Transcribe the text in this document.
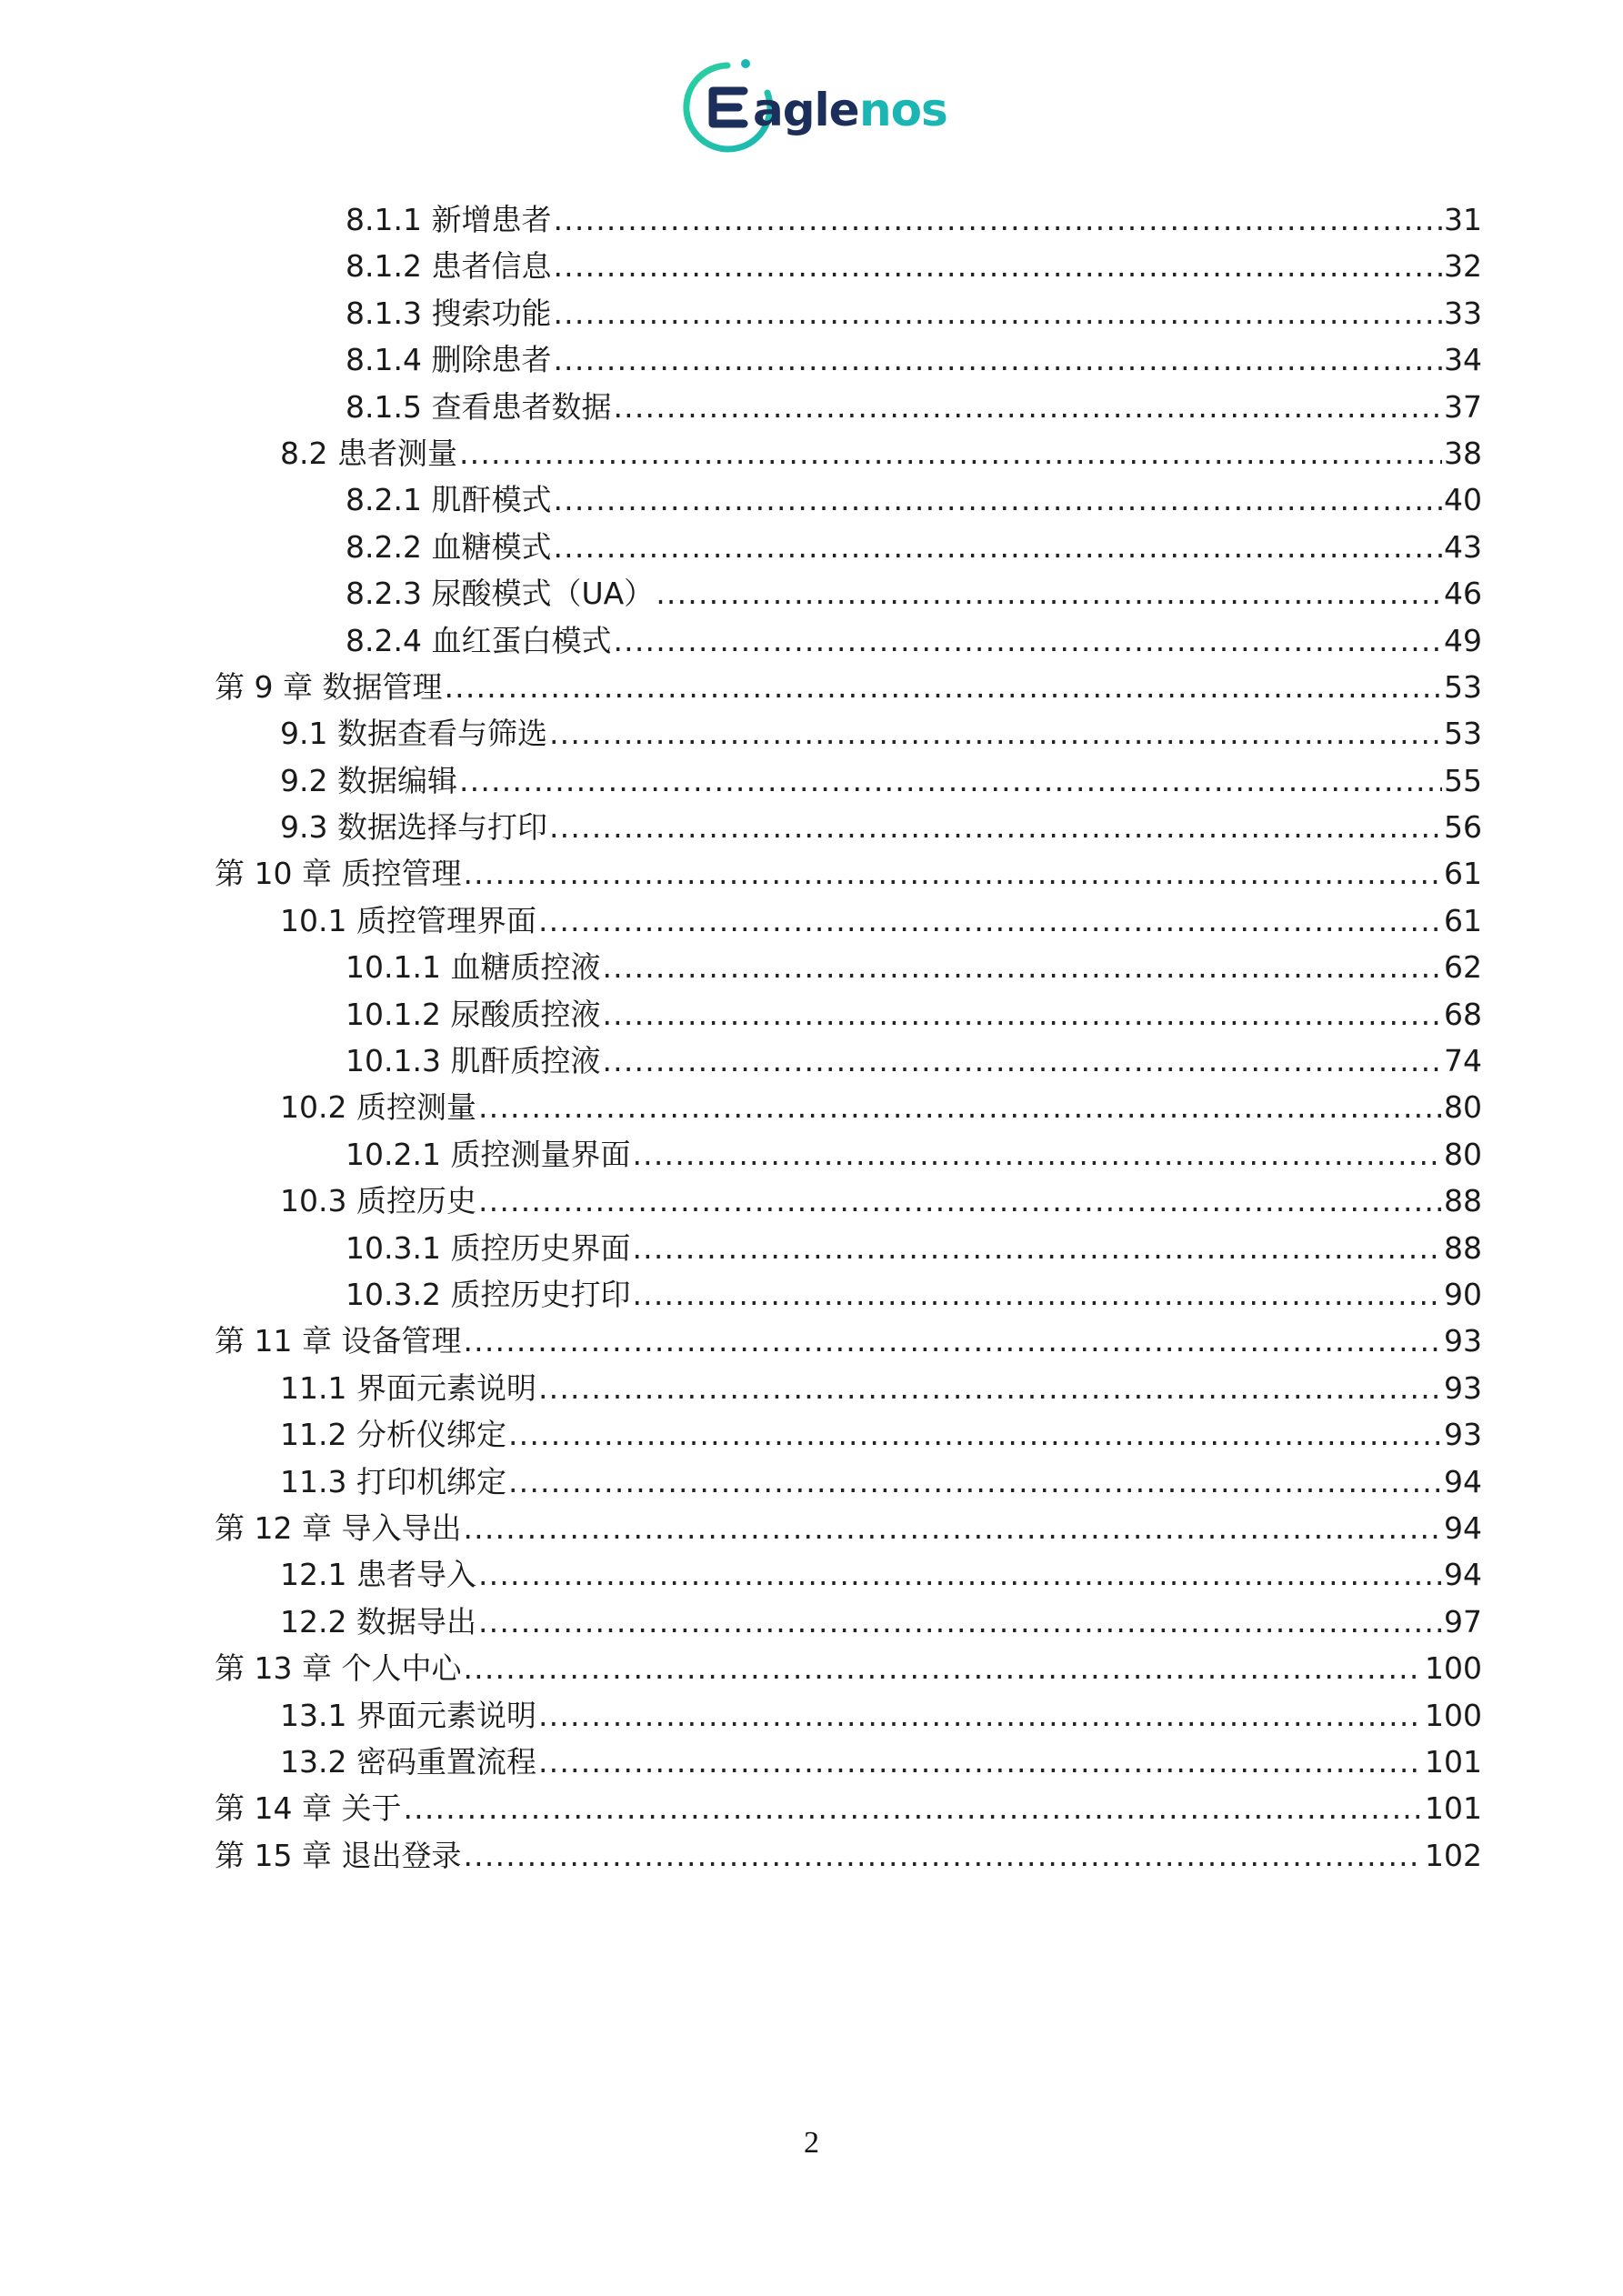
agle nos
8.1.1 新增患者 .....	31
8.1.2 患者信息 .....	32
8.1.3 搜索功能 .....	33
8.1.4 删除患者 .....	34
8.1.5 查看患者数据 .....	37
8.2 患者测量 .....	38
8.2.1 肌酐模式 .....	40
8.2.2 血糖模式 .....	43
8.2.3 尿酸模式（UA） .....	46
8.2.4 血红蛋白模式 .....	49
第 9 章 数据管理 .....	53
9.1 数据查看与筛选 .....	53
9.2 数据编辑 .....	55
9.3 数据选择与打印 .....	56
第 10 章 质控管理 .....	61
10.1 质控管理界面 .....	61
10.1.1 血糖质控液 .....	62
10.1.2 尿酸质控液 .....	68
10.1.3 肌酐质控液 .....	74
10.2 质控测量 .....	80
10.2.1 质控测量界面 .....	80
10.3 质控历史 .....	88
10.3.1 质控历史界面 .....	88
10.3.2 质控历史打印 .....	90
第 11 章 设备管理 .....	93
11.1 界面元素说明 .....	93
11.2 分析仪绑定 .....	93
11.3 打印机绑定 .....	94
第 12 章 导入导出 .....	94
12.1 患者导入 .....	94
12.2 数据导出 .....	97
第 13 章 个人中心 .....	100
13.1 界面元素说明 .....	100
13.2 密码重置流程 .....	101
第 14 章 关于 .....	101
第 15 章 退出登录 .....	102
2
